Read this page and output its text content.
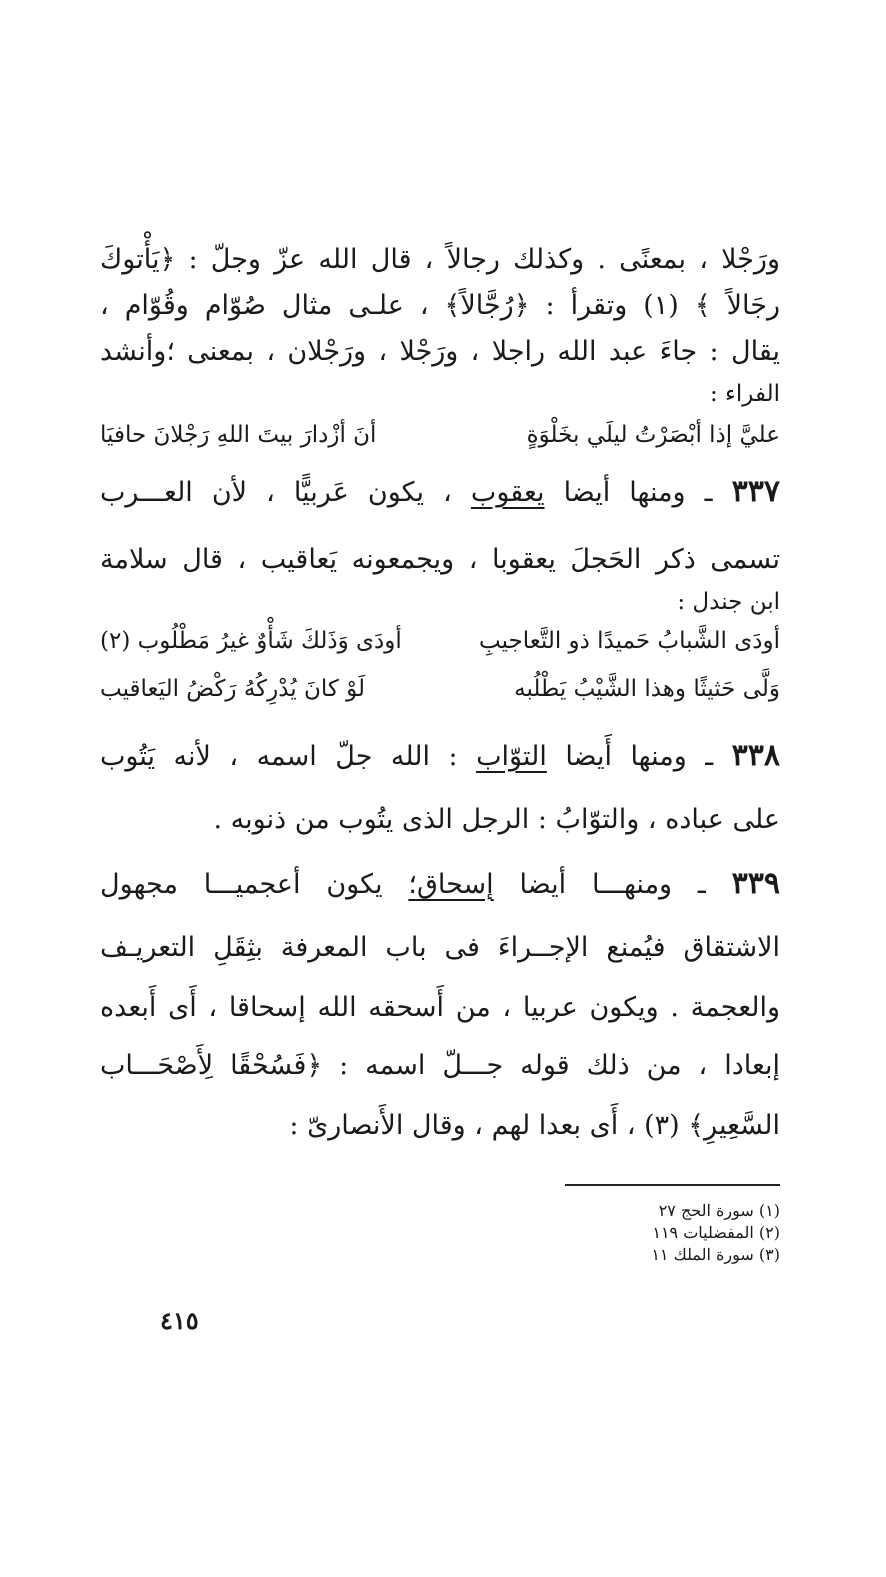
ورَجْلا ، بمعنًى . وكذلك رجالاً ، قال الله عزّ وجلّ : ﴿يَأْتوكَ
رجَالاً ﴾ (١) وتقرأ : ﴿رُجَّالاً﴾ ، علـى مثال صُوّام وقُوّام ،
يقال : جاءَ عبد الله راجلا ، ورَجْلا ، ورَجْلان ، بمعنى ؛وأنشد
الفراء :
عليَّ إذا أبْصَرْتُ ليلَي بخَلْوَةٍ
أنَ أزْدارَ بيتَ اللهِ رَجْلانَ حافيَا
٣٣٧ ـ ومنها أيضا يعقوب ، يكون عَربيًّا ، لأن العـــرب
تسمى ذكر الحَجلَ يعقوبا ، ويجمعونه يَعاقيب ، قال سلامة
ابن جندل :
أودَى الشَّبابُ حَميدًا ذو التَّعاجيبِ
أودَى وَذَلكَ شَأْوٌ غيرُ مَطْلُوب (٢)
وَلَّى حَثيثًا وهذا الشَّيْبُ يَطْلُبه
لَوْ كانَ يُدْرِكُهُ رَكْضُ اليَعاقيب
٣٣٨ ـ ومنها أَيضا التوّاب : الله جلّ اسمه ، لأنه يَتُوب
على عباده ، والتوّابُ : الرجل الذى يتُوب من ذنوبه .
٣٣٩ ـ ومنهـــا أيضا إسحاق؛ يكون أعجميـــا مجهول
الاشتقاق فيُمنع الإجــراءَ فى باب المعرفة بثِقَلِ التعريـف
والعجمة . ويكون عربيا ، من أَسحقه الله إسحاقا ، أَى أَبعده
إبعادا ، من ذلك قوله جـــلّ اسمه : ﴿فَسُحْقًا لِأَصْحَـــاب
السَّعِيرِ﴾ (٣) ، أَى بعدا لهم ، وقال الأَنصارىّ :
(١) سورة الحج ٢٧
(٢) المفضليات ١١٩
(٣) سورة الملك ١١
٤١٥
